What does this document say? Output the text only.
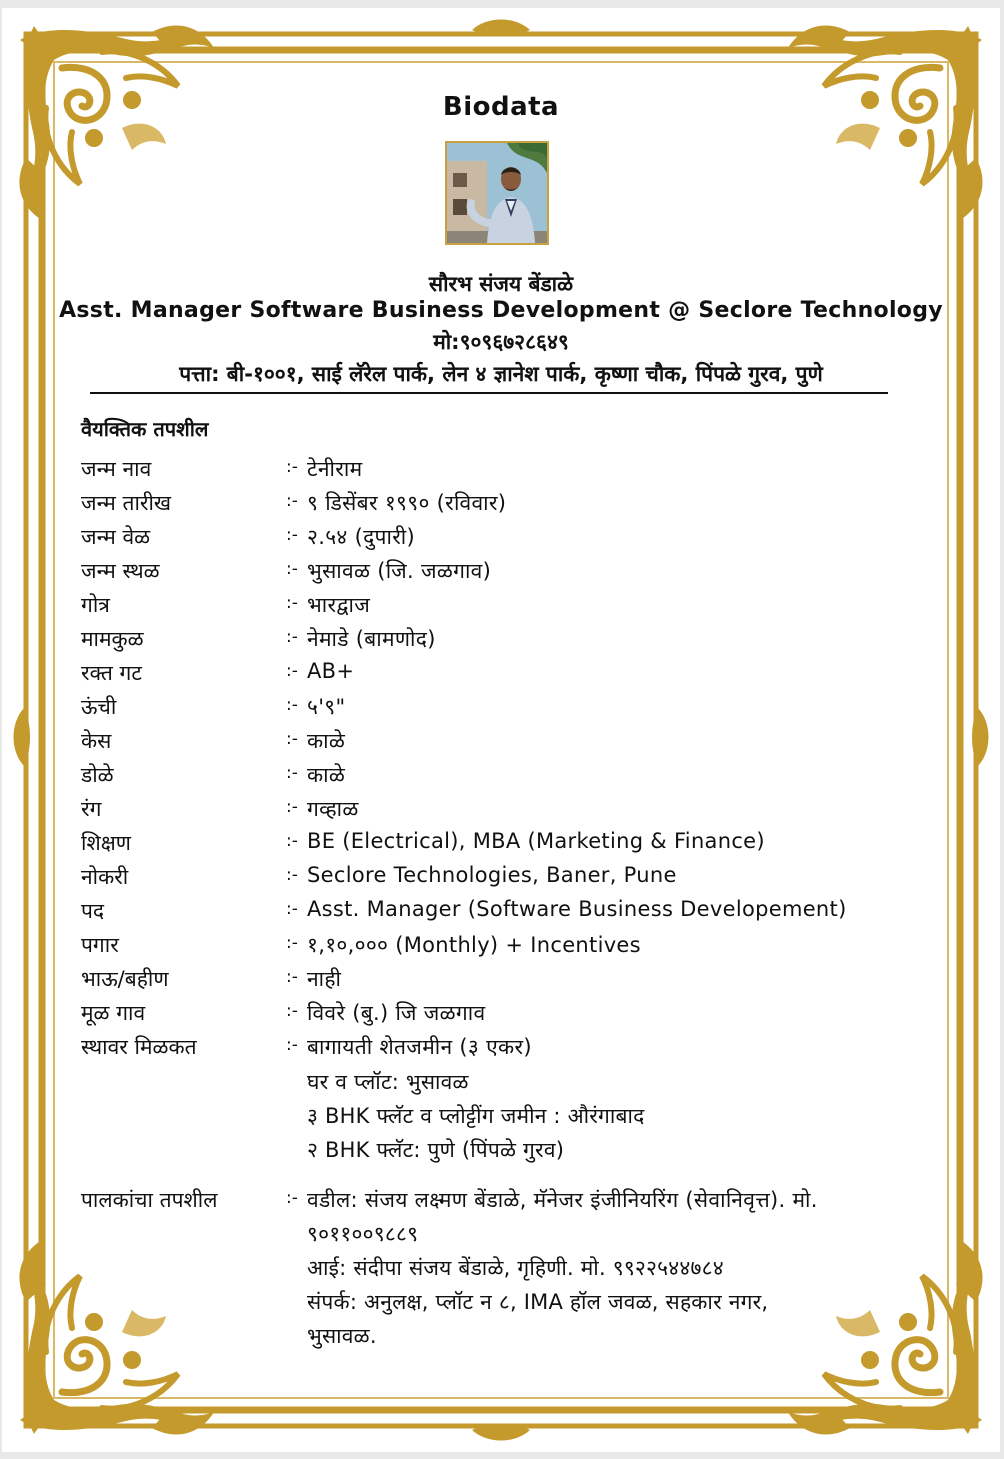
Biodata
सौरभ संजय बेंडाळे
Asst. Manager Software Business Development @ Seclore Technology
मो:९०९६७२८६४९
पत्ता: बी-१००१, साई लॅरेल पार्क, लेन ४ ज्ञानेश पार्क, कृष्णा चौक, पिंपळे गुरव, पुणे
वैयक्तिक तपशील
जन्म नाव	:- टेनीराम
जन्म तारीख	:- ९ डिसेंबर १९९० (रविवार)
जन्म वेळ	:- २.५४ (दुपारी)
जन्म स्थळ	:- भुसावळ (जि. जळगाव)
गोत्र	:- भारद्वाज
मामकुळ	:- नेमाडे (बामणोद)
रक्त गट	:- AB+
ऊंची	:- ५'९"
केस	:- काळे
डोळे	:- काळे
रंग	:- गव्हाळ
शिक्षण	:- BE (Electrical), MBA (Marketing & Finance)
नोकरी	:- Seclore Technologies, Baner, Pune
पद	:- Asst. Manager (Software Business Developement)
पगार	:- १,१०,००० (Monthly) + Incentives
भाऊ/बहीण	:- नाही
मूळ गाव	:- विवरे (बु.) जि जळगाव
स्थावर मिळकत	:- बागायती शेतजमीन (३ एकर)
घर व प्लॉट: भुसावळ
३ BHK फ्लॅट व प्लोट्टींग जमीन : औरंगाबाद
२ BHK फ्लॅट: पुणे (पिंपळे गुरव)
पालकांचा तपशील	:- वडील: संजय लक्ष्मण बेंडाळे, मॅनेजर इंजीनियरिंग (सेवानिवृत्त). मो.
९०११००९८८९
आई: संदीपा संजय बेंडाळे, गृहिणी. मो. ९९२२५४४७८४
संपर्क: अनुलक्ष, प्लॉट न ८, IMA हॉल जवळ, सहकार नगर,
भुसावळ.
